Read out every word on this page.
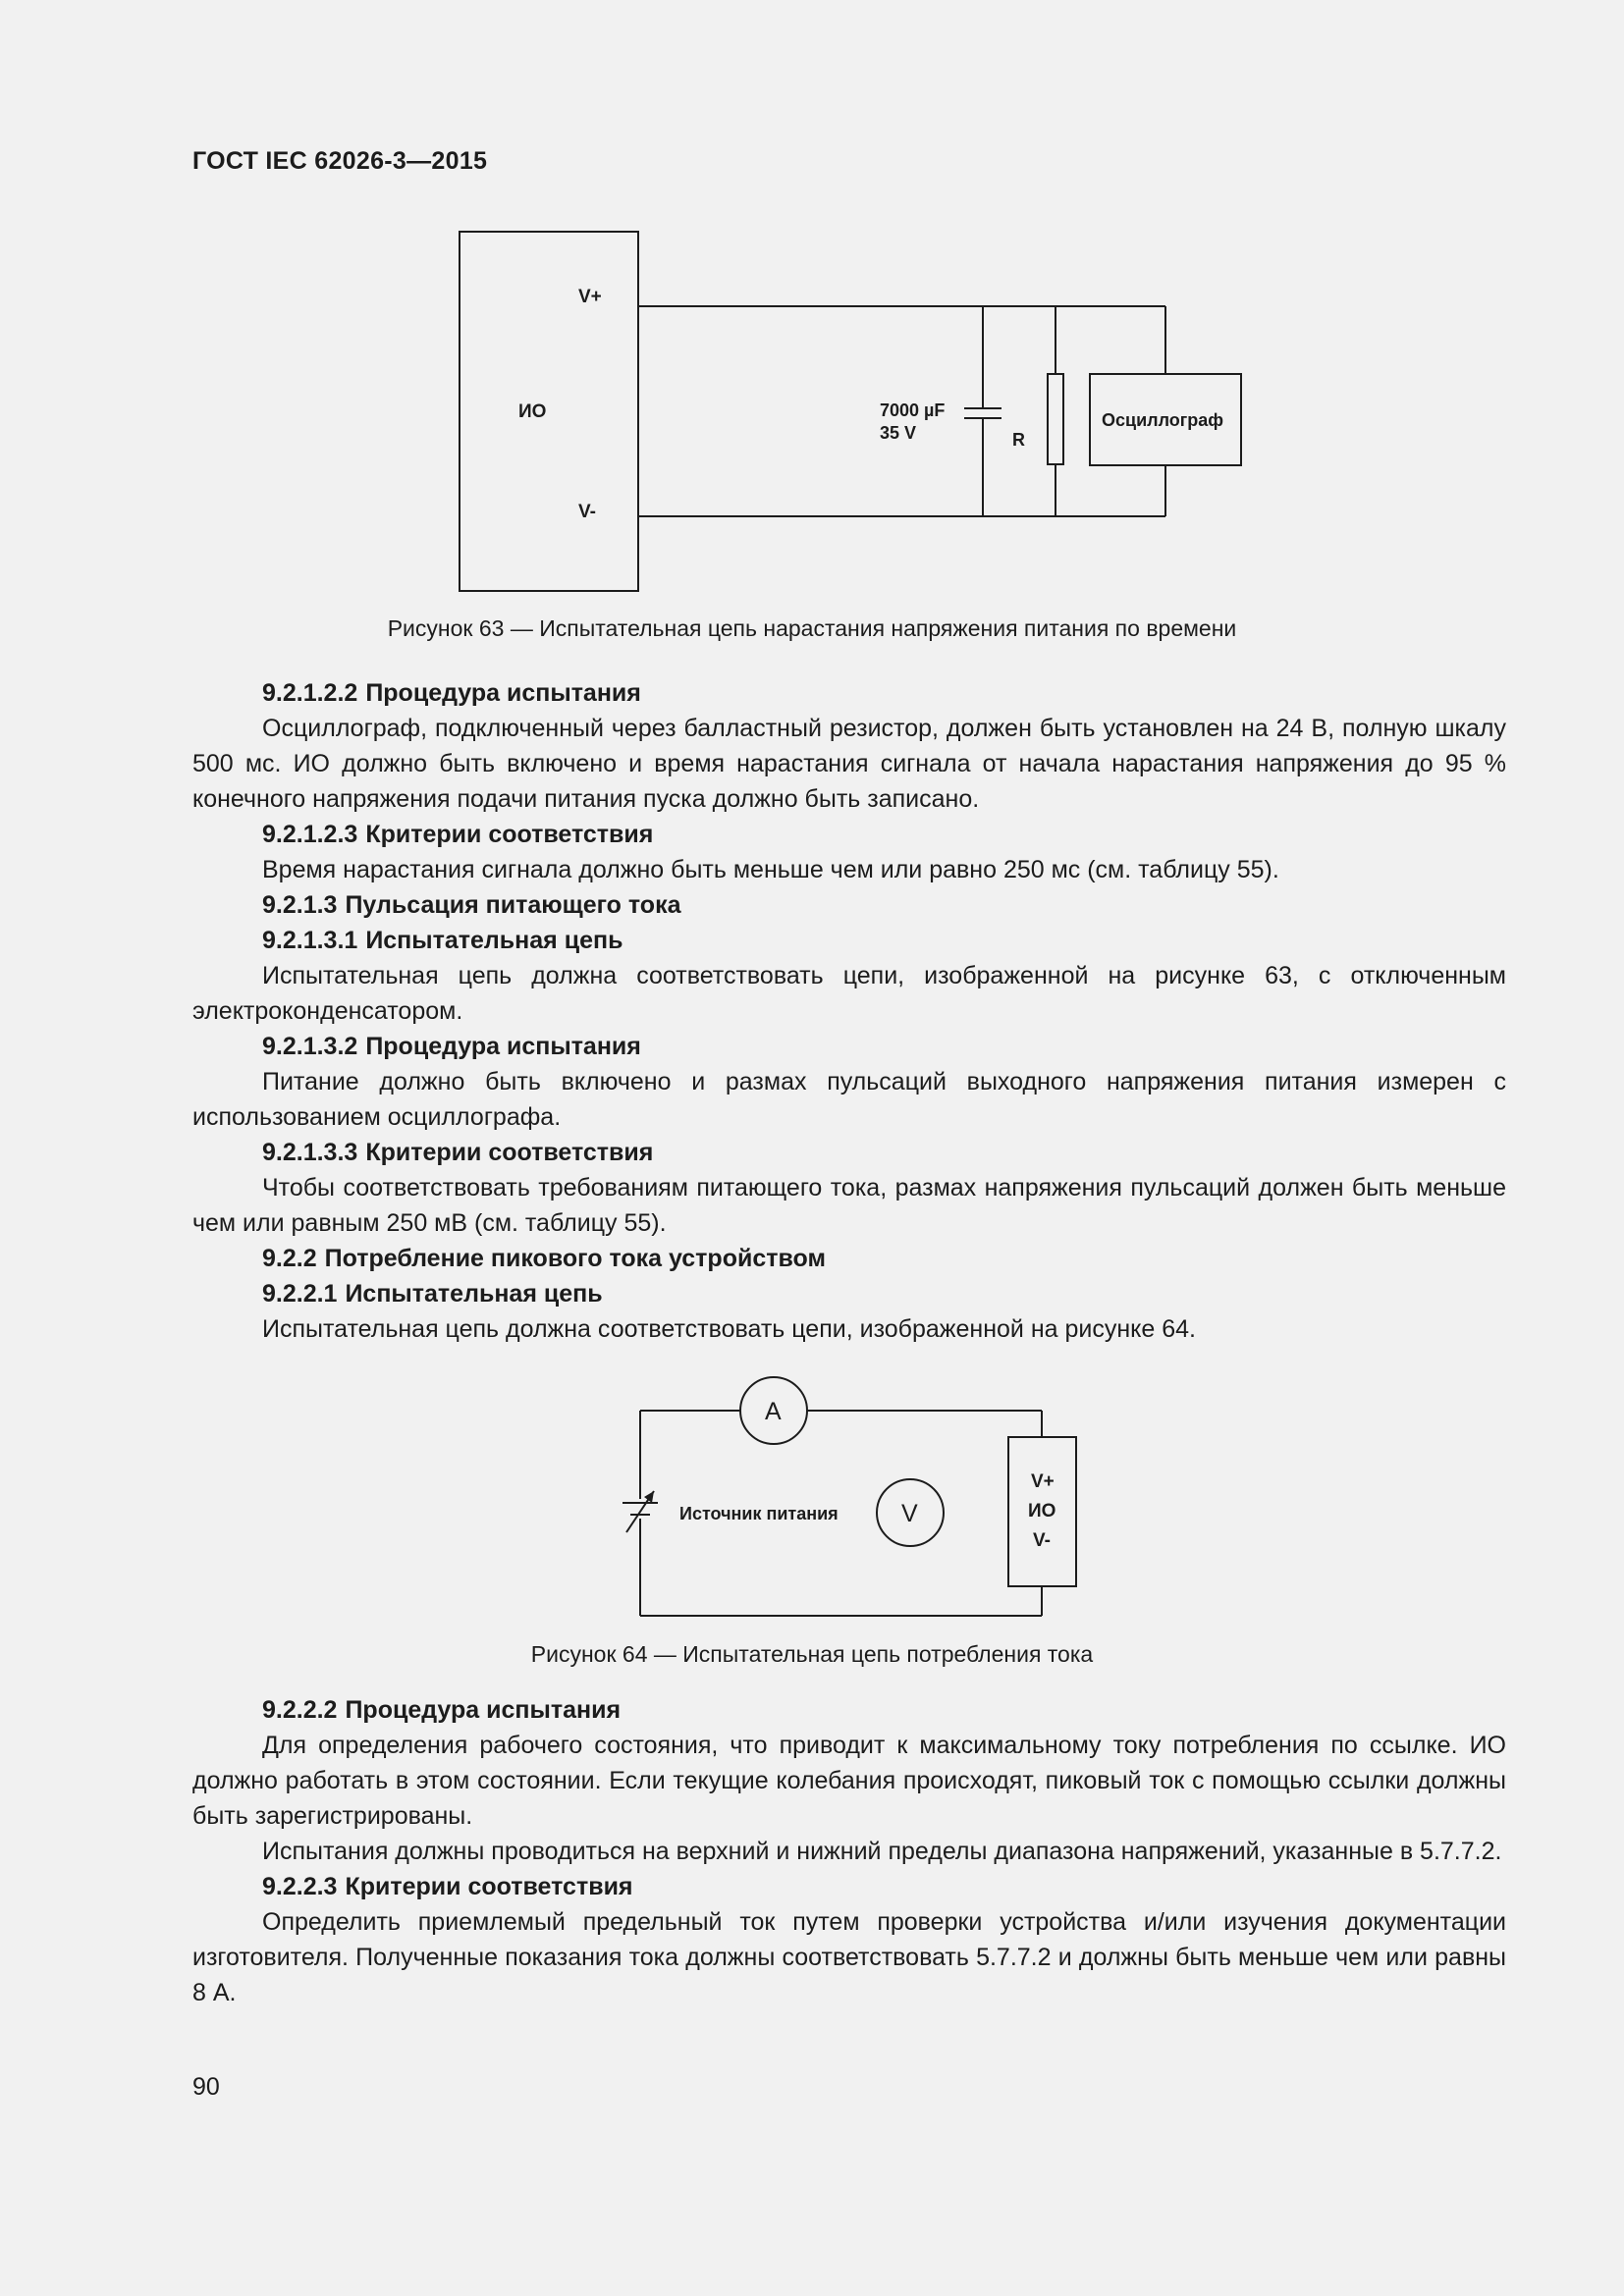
ГОСТ IEC 62026-3—2015
V+
ИО
V-
7000 µF
35 V	R
Осциллограф
Рисунок 63 — Испытательная цепь нарастания напряжения питания по времени

9.2.1.2.2 Процедура испытания

Осциллограф, подключенный через балластный резистор, должен быть установлен на 24 В, полную шкалу 500 мс. ИО должно быть включено и время нарастания сигнала от начала нарастания напряжения до 95 % конечного напряжения подачи питания пуска должно быть записано.

9.2.1.2.3 Критерии соответствия

Время нарастания сигнала должно быть меньше чем или равно 250 мс (см. таблицу 55).

9.2.1.3 Пульсация питающего тока

9.2.1.3.1 Испытательная цепь

Испытательная цепь должна соответствовать цепи, изображенной на рисунке 63, с отключенным электроконденсатором.

9.2.1.3.2 Процедура испытания

Питание должно быть включено и размах пульсаций выходного напряжения питания измерен с использованием осциллографа.

9.2.1.3.3 Критерии соответствия

Чтобы соответствовать требованиям питающего тока, размах напряжения пульсаций должен быть меньше чем или равным 250 мВ (см. таблицу 55).

9.2.2 Потребление пикового тока устройством

9.2.2.1 Испытательная цепь

Испытательная цепь должна соответствовать цепи, изображенной на рисунке 64.

A
V
Источник питания
V+
ИО
V-
Рисунок 64 — Испытательная цепь потребления тока

9.2.2.2 Процедура испытания

Для определения рабочего состояния, что приводит к максимальному току потребления по ссылке. ИО должно работать в этом состоянии. Если текущие колебания происходят, пиковый ток с помощью ссылки должны быть зарегистрированы.

Испытания должны проводиться на верхний и нижний пределы диапазона напряжений, указанные в 5.7.7.2.

9.2.2.3 Критерии соответствия

Определить приемлемый предельный ток путем проверки устройства и/или изучения документации изготовителя. Полученные показания тока должны соответствовать 5.7.7.2 и должны быть меньше чем или равны 8 А.

90
